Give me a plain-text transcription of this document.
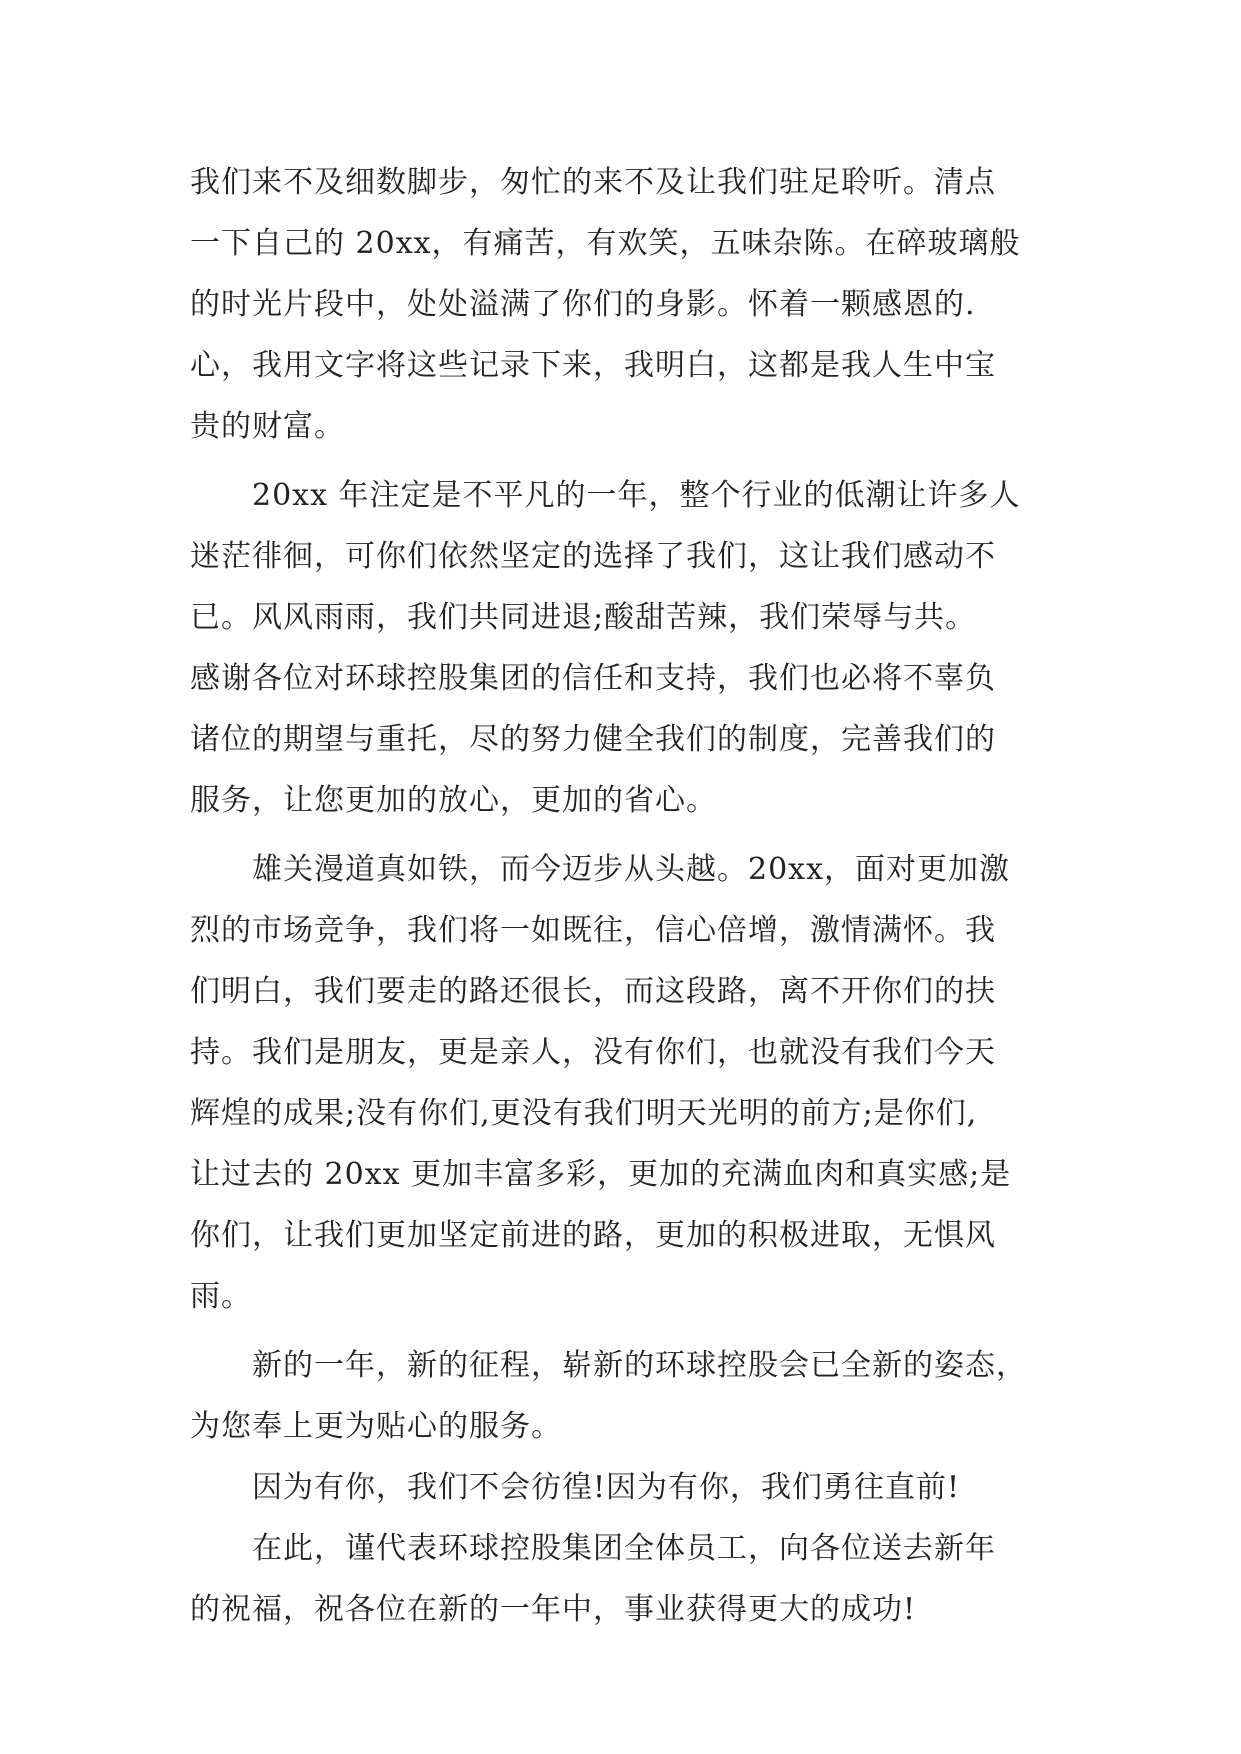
我们来不及细数脚步，匆忙的来不及让我们驻足聆听。清点
一下自己的 20xx，有痛苦，有欢笑，五味杂陈。在碎玻璃般
的时光片段中，处处溢满了你们的身影。怀着一颗感恩的.
心，我用文字将这些记录下来，我明白，这都是我人生中宝
贵的财富。
　　20xx 年注定是不平凡的一年，整个行业的低潮让许多人
迷茫徘徊，可你们依然坚定的选择了我们，这让我们感动不
已。风风雨雨，我们共同进退;酸甜苦辣，我们荣辱与共。
感谢各位对环球控股集团的信任和支持，我们也必将不辜负
诸位的期望与重托，尽的努力健全我们的制度，完善我们的
服务，让您更加的放心，更加的省心。
　　雄关漫道真如铁，而今迈步从头越。20xx，面对更加激
烈的市场竞争，我们将一如既往，信心倍增，激情满怀。我
们明白，我们要走的路还很长，而这段路，离不开你们的扶
持。我们是朋友，更是亲人，没有你们，也就没有我们今天
辉煌的成果;没有你们,更没有我们明天光明的前方;是你们,
让过去的 20xx 更加丰富多彩，更加的充满血肉和真实感;是
你们，让我们更加坚定前进的路，更加的积极进取，无惧风
雨。
　　新的一年，新的征程，崭新的环球控股会已全新的姿态，
为您奉上更为贴心的服务。
　　因为有你，我们不会彷徨!因为有你，我们勇往直前!
　　在此，谨代表环球控股集团全体员工，向各位送去新年
的祝福，祝各位在新的一年中，事业获得更大的成功!
